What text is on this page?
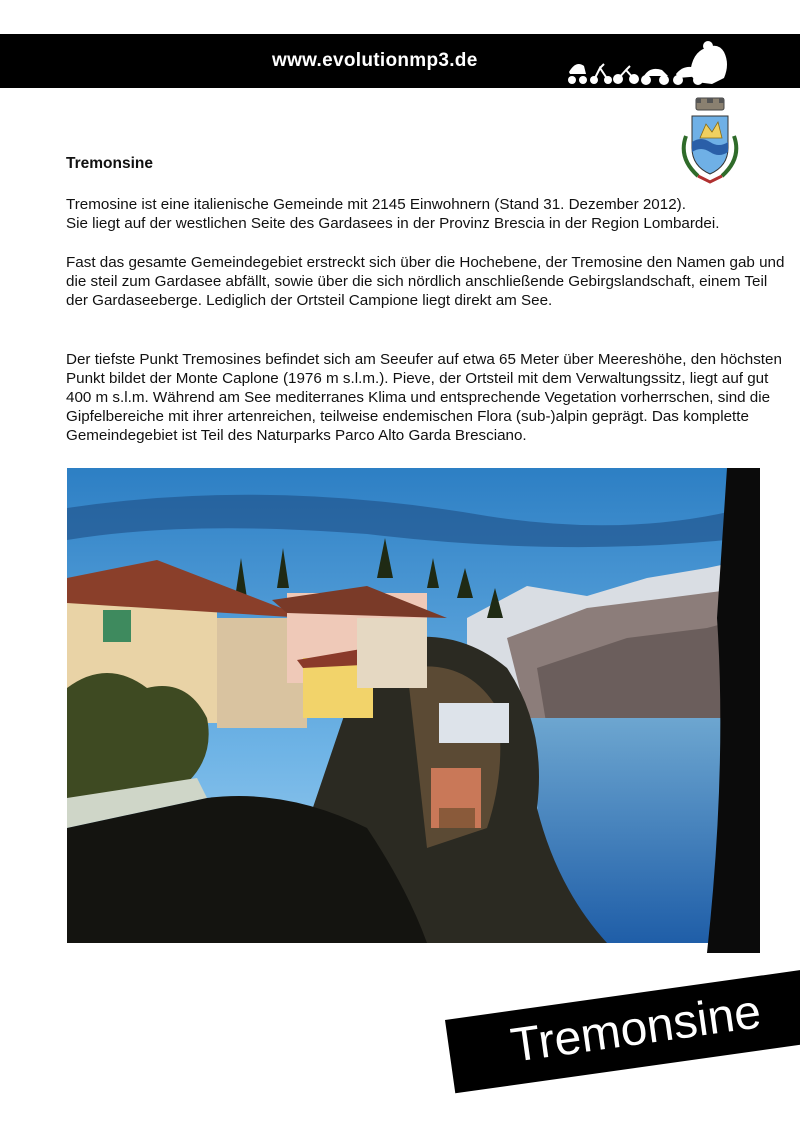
www.evolutionmp3.de
Tremonsine

Tremosine ist eine italienische Gemeinde mit 2145 Einwohnern (Stand 31. Dezember 2012).
Sie liegt auf der westlichen Seite des Gardasees in der Provinz Brescia in der Region Lombardei.

Fast das gesamte Gemeindegebiet erstreckt sich über die Hochebene, der Tremosine den Namen gab und die steil zum Gardasee abfällt, sowie über die sich nördlich anschließende Gebirgslandschaft, einem Teil der Gardaseeberge. Lediglich der Ortsteil Campione liegt direkt am See.

Der tiefste Punkt Tremosines befindet sich am Seeufer auf etwa 65 Meter über Meereshöhe, den höchsten Punkt bildet der Monte Caplone (1976 m s.l.m.). Pieve, der Ortsteil mit dem Verwaltungssitz, liegt auf gut 400 m s.l.m. Während am See mediterranes Klima und entsprechende Vegetation vorherrschen, sind die Gipfelbereiche mit ihrer artenreichen, teilweise endemischen Flora (sub-)alpin geprägt. Das komplette Gemeindegebiet ist Teil des Naturparks Parco Alto Garda Bresciano.

Tremonsine
